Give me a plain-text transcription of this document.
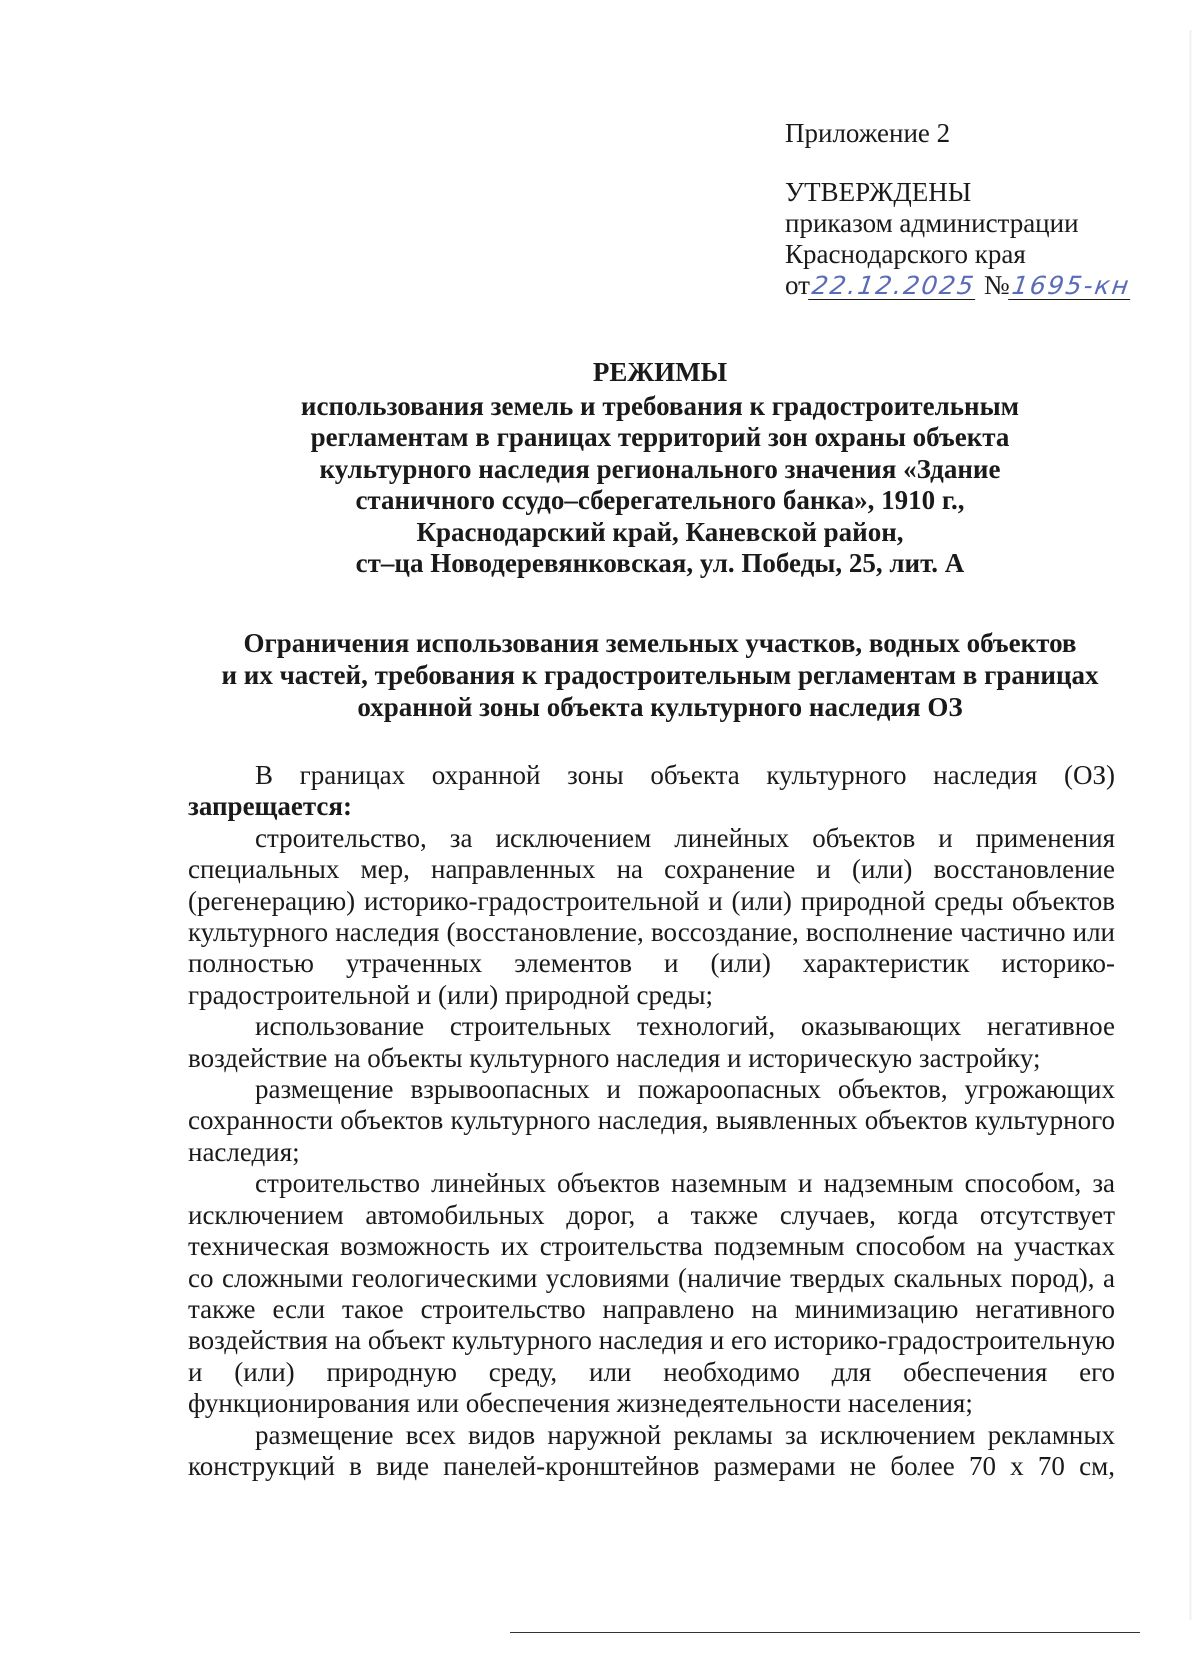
Приложение 2
УТВЕРЖДЕНЫ
приказом администрации
Краснодарского края
от22.12.2025 №1695-кн
РЕЖИМЫ
использования земель и требования к градостроительным
регламентам в границах территорий зон охраны объекта
культурного наследия регионального значения «Здание
станичного ссудо–сберегательного банка», 1910 г.,
Краснодарский край, Каневской район,
ст–ца Новодеревянковская, ул. Победы, 25, лит. А
Ограничения использования земельных участков, водных объектов
и их частей, требования к градостроительным регламентам в границах
охранной зоны объекта культурного наследия ОЗ

В границах охранной зоны объекта культурного наследия (ОЗ)

запрещается:

строительство, за исключением линейных объектов и применения специальных мер, направленных на сохранение и (или) восстановление (регенерацию) историко-градостроительной и (или) природной среды объектов культурного наследия (восстановление, воссоздание, восполнение частично или полностью утраченных элементов и (или) характеристик историко-градостроительной и (или) природной среды;

использование строительных технологий, оказывающих негативное воздействие на объекты культурного наследия и историческую застройку;

размещение взрывоопасных и пожароопасных объектов, угрожающих сохранности объектов культурного наследия, выявленных объектов культурного наследия;

строительство линейных объектов наземным и надземным способом, за исключением автомобильных дорог, а также случаев, когда отсутствует техническая возможность их строительства подземным способом на участках со сложными геологическими условиями (наличие твердых скальных пород), а также если такое строительство направлено на минимизацию негативного воздействия на объект культурного наследия и его историко-градостроительную и (или) природную среду, или необходимо для обеспечения его функционирования или обеспечения жизнедеятельности населения;

размещение всех видов наружной рекламы за исключением рекламных конструкций в виде панелей-кронштейнов размерами не более 70 х 70 см,
